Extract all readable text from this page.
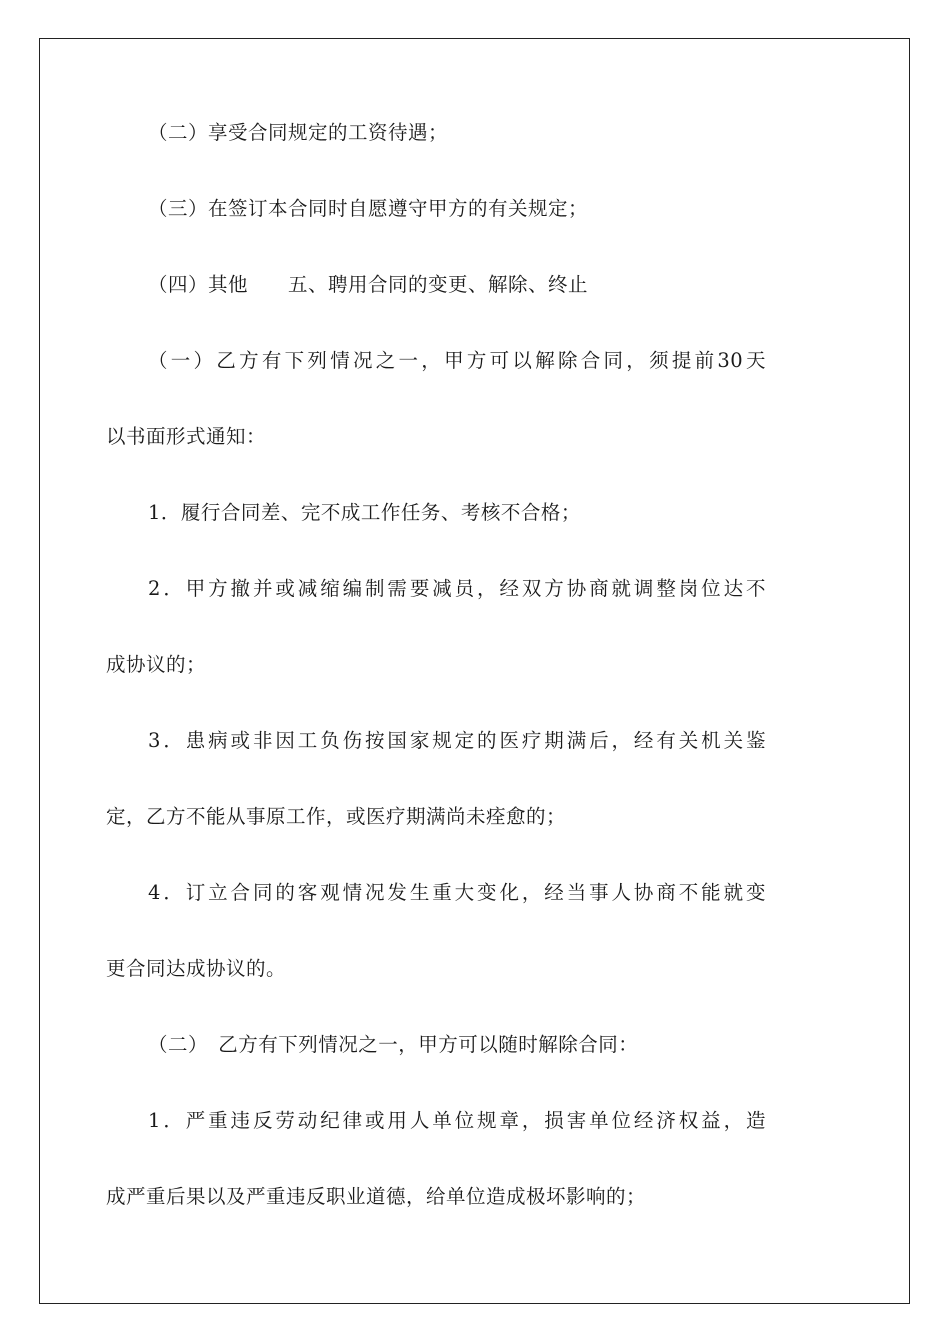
（二）享受合同规定的工资待遇；
（三）在签订本合同时自愿遵守甲方的有关规定；
（四）其他　　五、聘用合同的变更、解除、终止
（一）乙方有下列情况之一，甲方可以解除合同，须提前30天
以书面形式通知：
1．履行合同差、完不成工作任务、考核不合格；
2．甲方撤并或减缩编制需要减员，经双方协商就调整岗位达不
成协议的；
3．患病或非因工负伤按国家规定的医疗期满后，经有关机关鉴
定，乙方不能从事原工作，或医疗期满尚未痊愈的；
4．订立合同的客观情况发生重大变化，经当事人协商不能就变
更合同达成协议的。
（二）　乙方有下列情况之一，甲方可以随时解除合同：
1．严重违反劳动纪律或用人单位规章，损害单位经济权益，造
成严重后果以及严重违反职业道德，给单位造成极坏影响的；
